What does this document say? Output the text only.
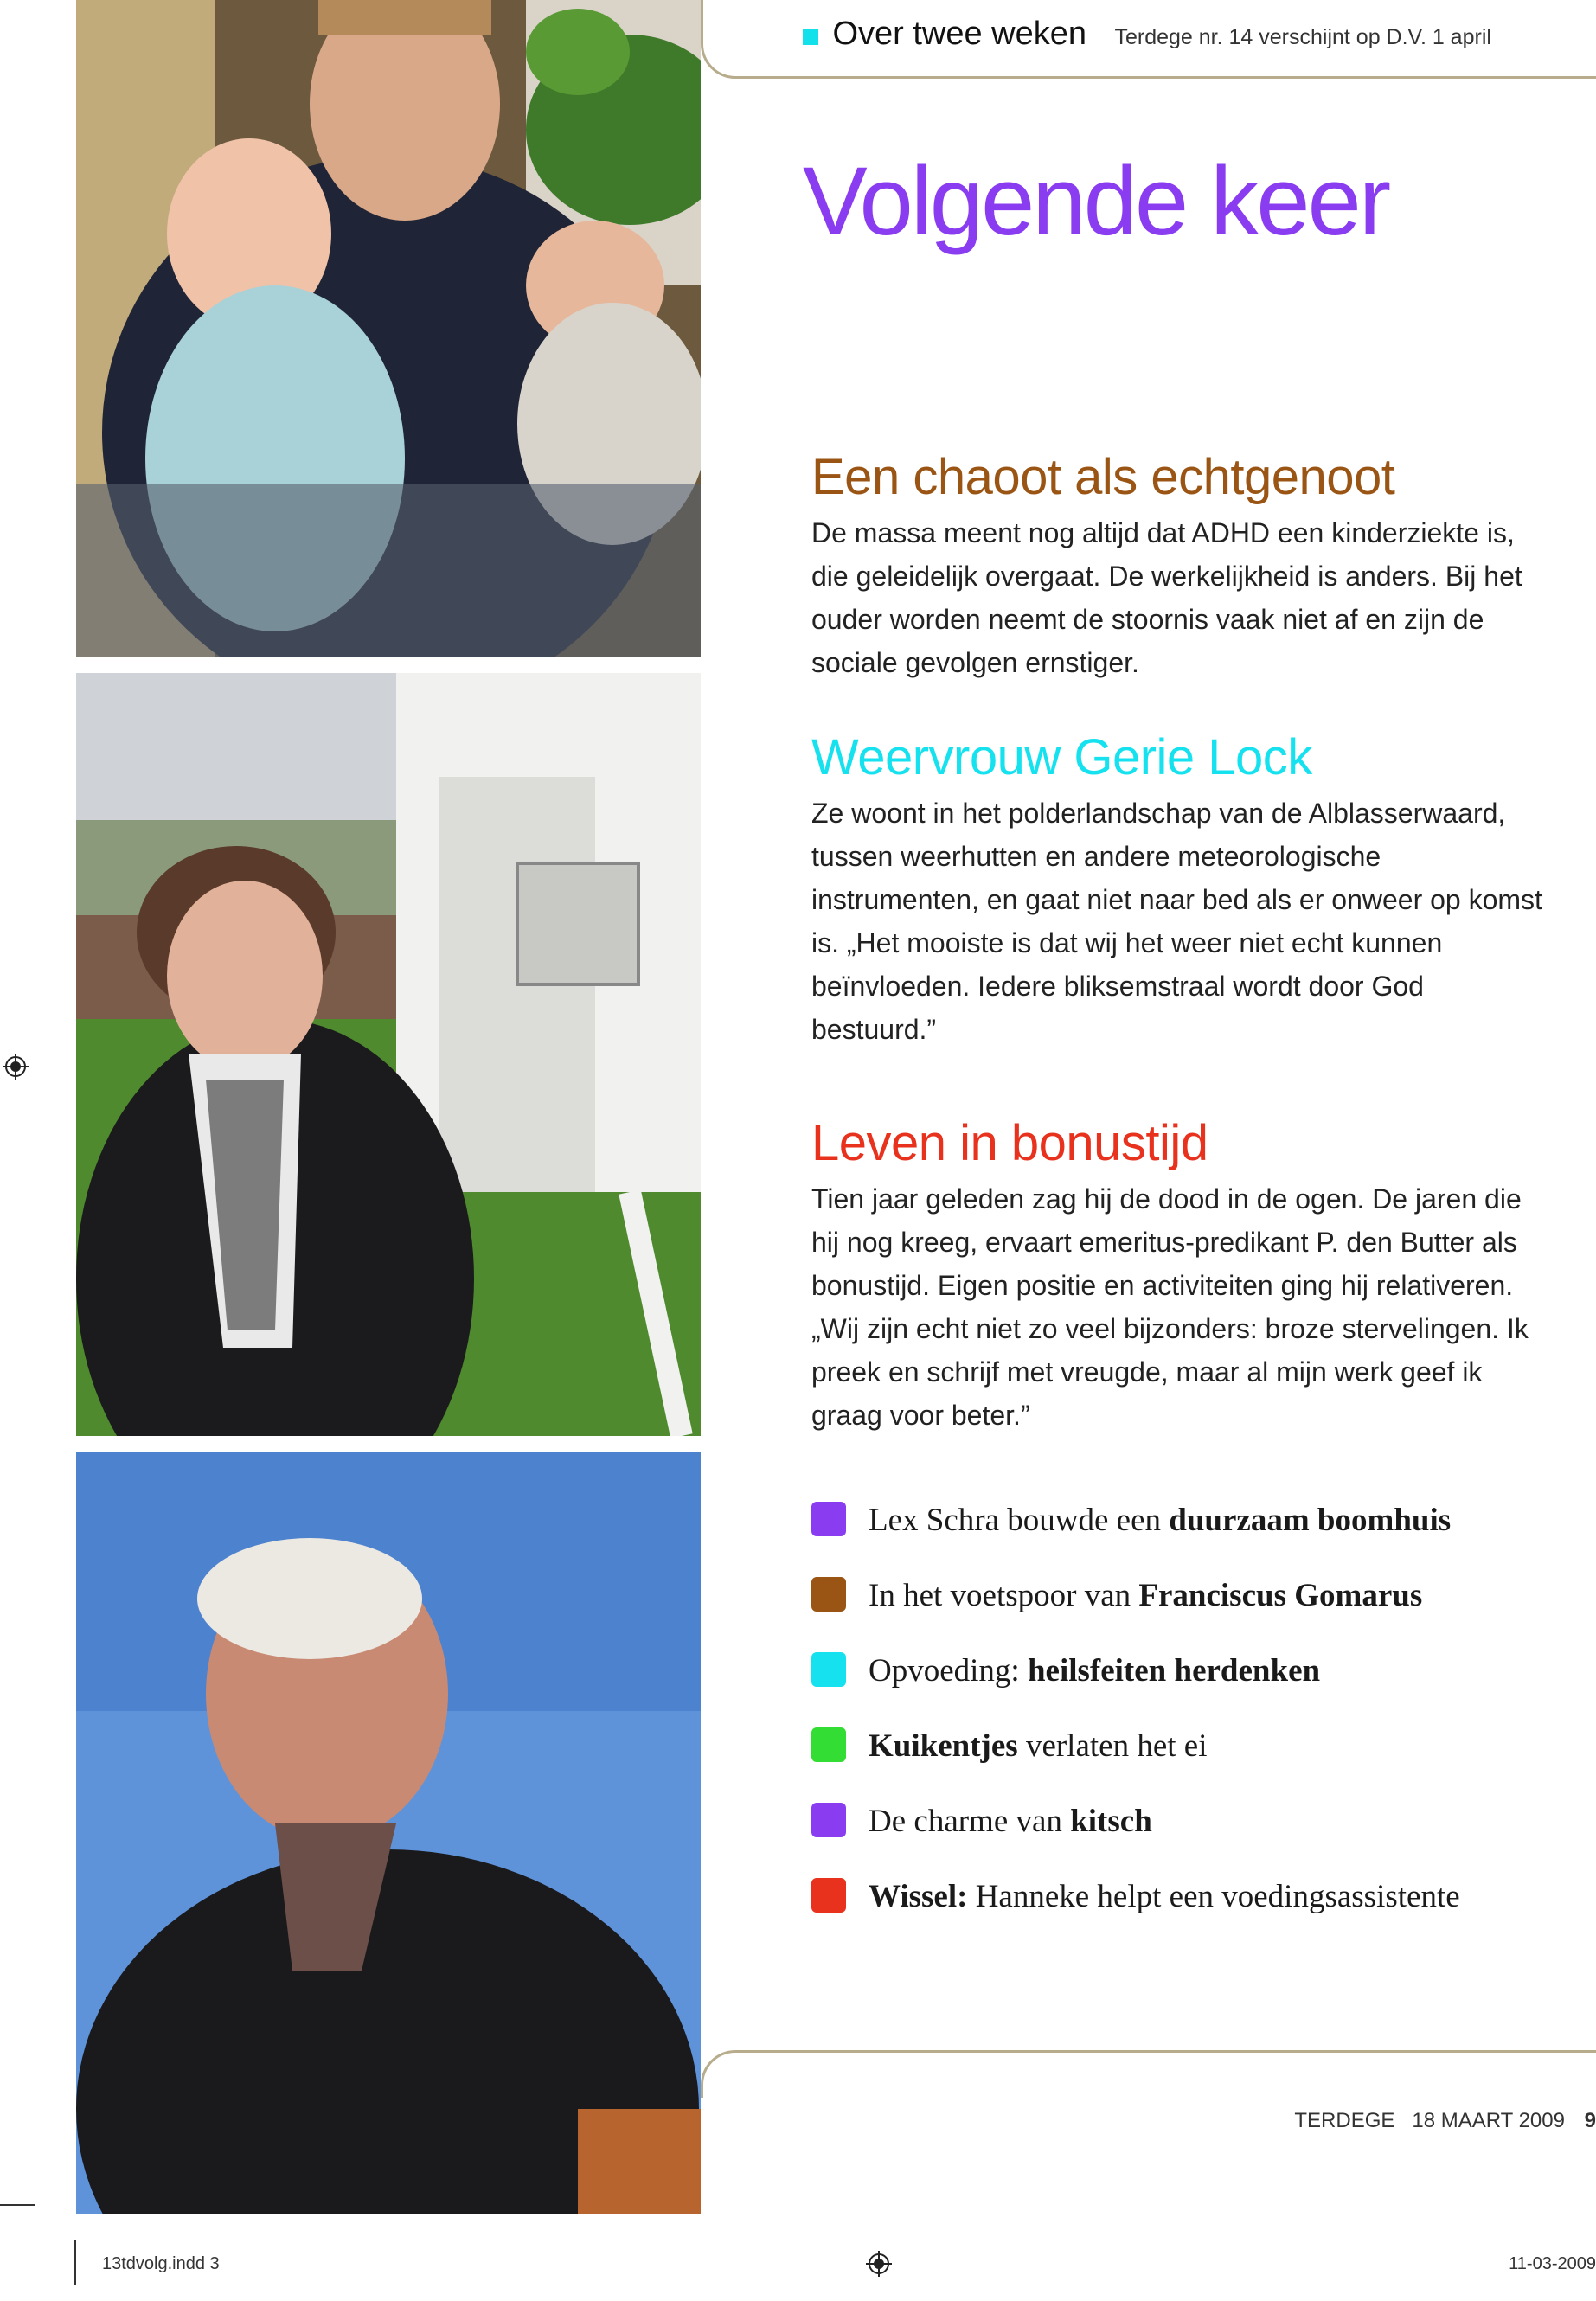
Over twee weken Terdege nr. 14 verschijnt op D.V. 1 april
Volgende keer
Een chaoot als echtgenoot

De massa meent nog altijd dat ADHD een kinderziekte is, die geleidelijk overgaat. De werkelijkheid is anders. Bij het ouder worden neemt de stoornis vaak niet af en zijn de sociale gevolgen ernstiger.

Weervrouw Gerie Lock

Ze woont in het polderlandschap van de Alblasserwaard, tussen weerhutten en andere meteorologische instrumenten, en gaat niet naar bed als er onweer op komst is. „Het mooiste is dat wij het weer niet echt kunnen beïnvloeden. Iedere bliksemstraal wordt door God bestuurd.”

Leven in bonustijd

Tien jaar geleden zag hij de dood in de ogen. De jaren die hij nog kreeg, ervaart emeritus-predikant P. den Butter als bonustijd. Eigen positie en activiteiten ging hij relativeren. „Wij zijn echt niet zo veel bijzonders: broze stervelingen. Ik preek en schrijf met vreugde, maar al mijn werk geef ik graag voor beter.”

Lex Schra bouwde een duurzaam boomhuis
In het voetspoor van Franciscus Gomarus
Opvoeding: heilsfeiten herdenken
Kuikentjes verlaten het ei
De charme van kitsch
Wissel: Hanneke helpt een voedingsassistente
TERDEGE 18 MAART 2009 9
13tdvolg.indd 3	11-03-2009
